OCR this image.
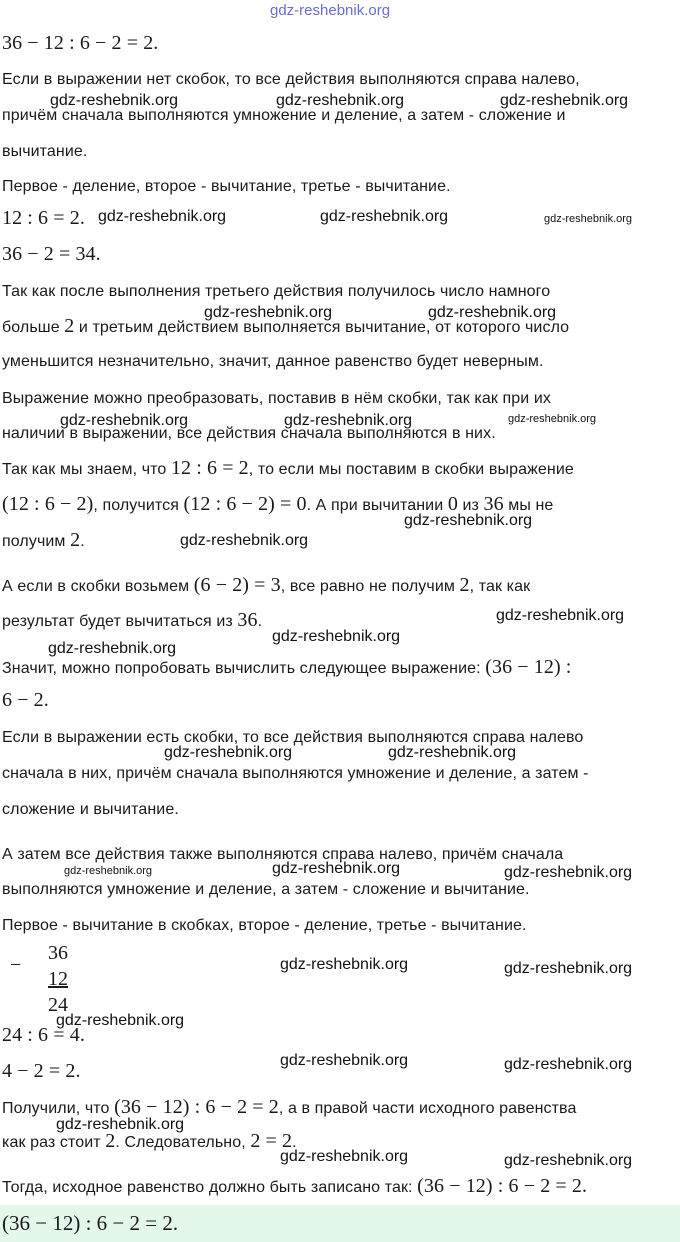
gdz-reshebnik.org
36 − 12 : 6 − 2 = 2.
Если в выражении нет скобок, то все действия выполняются справа налево,
причём сначала выполняются умножение и деление, а затем - сложение и
вычитание.
Первое - деление, второе - вычитание, третье - вычитание.
12 : 6 = 2.
36 − 2 = 34.
Так как после выполнения третьего действия получилось число намного
больше 2 и третьим действием выполняется вычитание, от которого число
уменьшится незначительно, значит, данное равенство будет неверным.
Выражение можно преобразовать, поставив в нём скобки, так как при их
наличии в выражении, все действия сначала выполняются в них.
Так как мы знаем, что 12 : 6 = 2, то если мы поставим в скобки выражение
(12 : 6 − 2), получится (12 : 6 − 2) = 0. А при вычитании 0 из 36 мы не
получим 2.
А если в скобки возьмем (6 − 2) = 3, все равно не получим 2, так как
результат будет вычитаться из 36.
Значит, можно попробовать вычислить следующее выражение: (36 − 12) :
6 − 2.
Если в выражении есть скобки, то все действия выполняются справа налево
сначала в них, причём сначала выполняются умножение и деление, а затем -
сложение и вычитание.
А затем все действия также выполняются справа налево, причём сначала
выполняются умножение и деление, а затем - сложение и вычитание.
Первое - вычитание в скобках, второе - деление, третье - вычитание.
−
36
12
24
24 : 6 = 4.
4 − 2 = 2.
Получили, что (36 − 12) : 6 − 2 = 2, а в правой части исходного равенства
как раз стоит 2. Следовательно, 2 = 2.
Тогда, исходное равенство должно быть записано так: (36 − 12) : 6 − 2 = 2.
(36 − 12) : 6 − 2 = 2.
gdz-reshebnik.org	gdz-reshebnik.org	gdz-reshebnik.org
gdz-reshebnik.org	gdz-reshebnik.org	gdz-reshebnik.org
gdz-reshebnik.org	gdz-reshebnik.org
gdz-reshebnik.org	gdz-reshebnik.org	gdz-reshebnik.org
gdz-reshebnik.org
gdz-reshebnik.org
gdz-reshebnik.org
gdz-reshebnik.org
gdz-reshebnik.org
gdz-reshebnik.org	gdz-reshebnik.org
gdz-reshebnik.org
gdz-reshebnik.org	gdz-reshebnik.org
gdz-reshebnik.org	gdz-reshebnik.org
gdz-reshebnik.org
gdz-reshebnik.org	gdz-reshebnik.org
gdz-reshebnik.org
gdz-reshebnik.org	gdz-reshebnik.org
